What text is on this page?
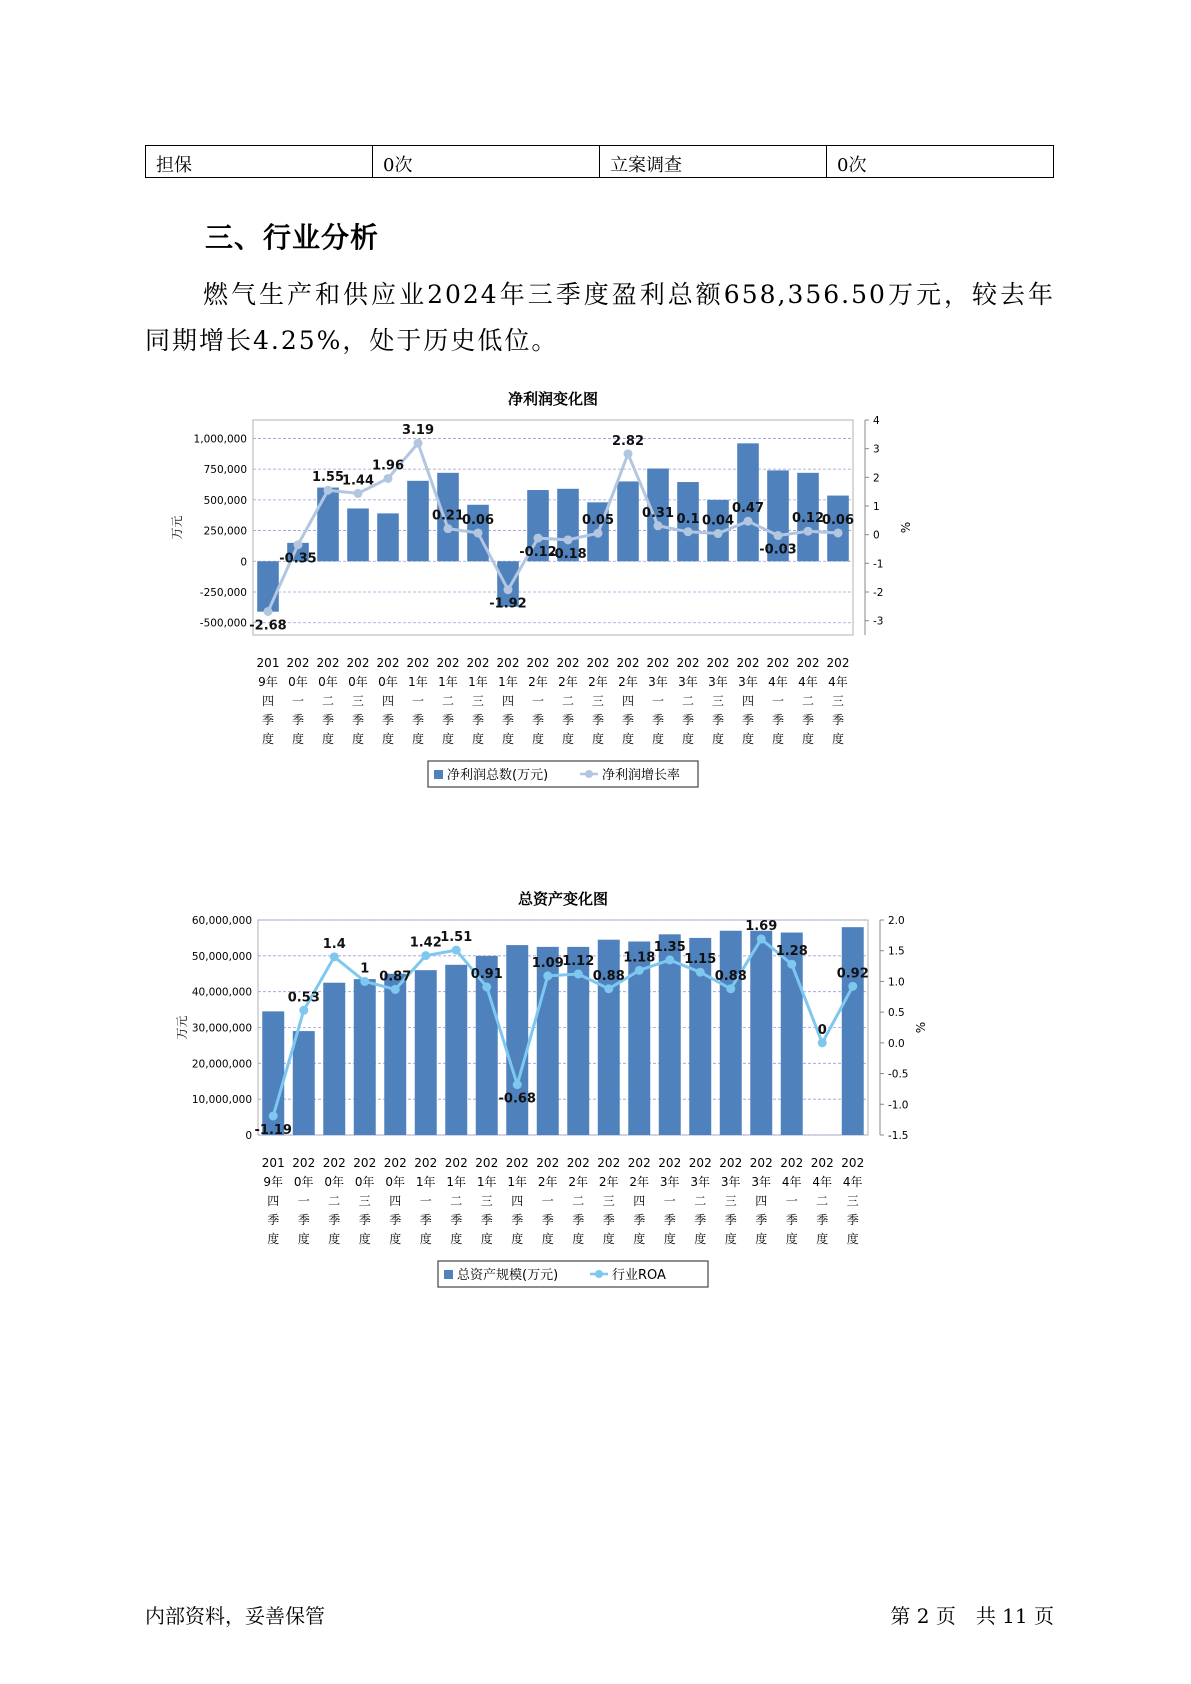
担保	0次	立案调查	0次
三、行业分析
燃气生产和供应业2024年三季度盈利总额658,356.50万元，较去年同期增长4.25%，处于历史低位。
净利润变化图
-500,000
-250,000
0
250,000
500,000
750,000
1,000,000
万元
-3
-2
-1
0
1
2
3
4
%
-2.68
-0.35
1.55
1.44
1.96
3.19
0.21
0.06
-1.92
-0.12
-0.18
0.05
2.82
0.31 0.1 0.04
0.47
-0.03
0.12
0.06
201
9年
四
季
度
202
0年
一
季
度
202
0年
二
季
度
202
0年
三
季
度
202
0年
四
季
度
202
1年
一
季
度
202
1年
二
季
度
202
1年
三
季
度
202
1年
四
季
度
202
2年
一
季
度
202
2年
二
季
度
202
2年
三
季
度
202
2年
四
季
度
202
3年
一
季
度
202
3年
二
季
度
202
3年
三
季
度
202
3年
四
季
度
202
4年
一
季
度
202
4年
二
季
度
202
4年
三
季
度
净利润总数(万元)	净利润增长率
总资产变化图
0
10,000,000
20,000,000
30,000,000
40,000,000
50,000,000
60,000,000
万元
-1.5
-1.0
-0.5
0.0
0.5
1.0
1.5
2.0
%
-1.19
0.53
1.4
1
0.87
1.42
1.51
0.91
-0.68
1.09
1.12
0.88
1.18
1.35
1.15
0.88
1.69
1.28
0
0.92
201
9年
四
季
度
202
0年
一
季
度
202
0年
二
季
度
202
0年
三
季
度
202
0年
四
季
度
202
1年
一
季
度
202
1年
二
季
度
202
1年
三
季
度
202
1年
四
季
度
202
2年
一
季
度
202
2年
二
季
度
202
2年
三
季
度
202
2年
四
季
度
202
3年
一
季
度
202
3年
二
季
度
202
3年
三
季
度
202
3年
四
季
度
202
4年
一
季
度
202
4年
二
季
度
202
4年
三
季
度
总资产规模(万元)	行业ROA
内部资料，妥善保管	第 2 页　共 11 页
